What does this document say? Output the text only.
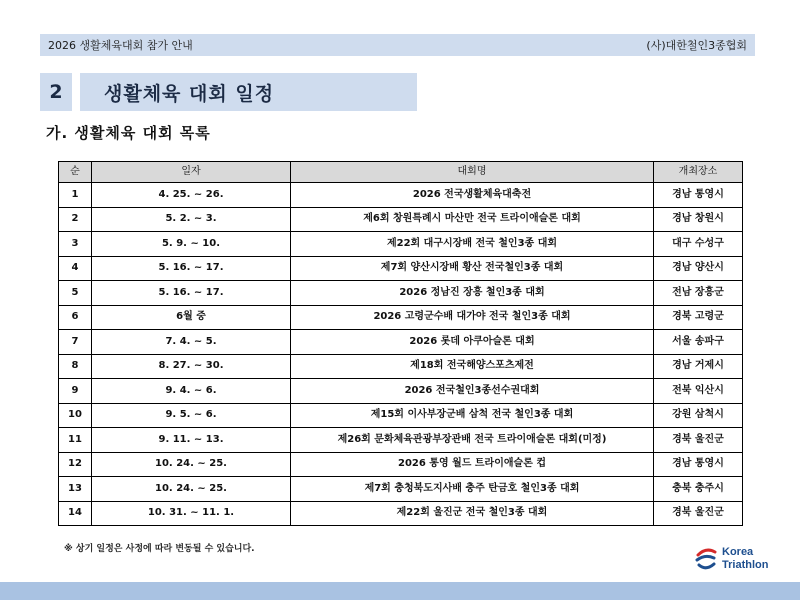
2026 생활체육대회 참가 안내	(사)대한철인3종협회
2	생활체육 대회 일정
가. 생활체육 대회 목록
순	일자	대회명	개최장소
1	4. 25. ~ 26.	2026 전국생활체육대축전	경남 통영시
2	5. 2. ~ 3.	제6회 창원특례시 마산만 전국 트라이애슬론 대회	경남 창원시
3	5. 9. ~ 10.	제22회 대구시장배 전국 철인3종 대회	대구 수성구
4	5. 16. ~ 17.	제7회 양산시장배 황산 전국철인3종 대회	경남 양산시
5	5. 16. ~ 17.	2026 정남진 장흥 철인3종 대회	전남 장흥군
6	6월 중	2026 고령군수배 대가야 전국 철인3종 대회	경북 고령군
7	7. 4. ~ 5.	2026 롯데 아쿠아슬론 대회	서울 송파구
8	8. 27. ~ 30.	제18회 전국해양스포츠제전	경남 거제시
9	9. 4. ~ 6.	2026 전국철인3종선수권대회	전북 익산시
10	9. 5. ~ 6.	제15회 이사부장군배 삼척 전국 철인3종 대회	강원 삼척시
11	9. 11. ~ 13.	제26회 문화체육관광부장관배 전국 트라이애슬론 대회(미정)	경북 울진군
12	10. 24. ~ 25.	2026 통영 월드 트라이애슬론 컵	경남 통영시
13	10. 24. ~ 25.	제7회 충청북도지사배 충주 탄금호 철인3종 대회	충북 충주시
14	10. 31. ~ 11. 1.	제22회 울진군 전국 철인3종 대회	경북 울진군
※ 상기 일정은 사정에 따라 변동될 수 있습니다.	Korea
Triathlon
